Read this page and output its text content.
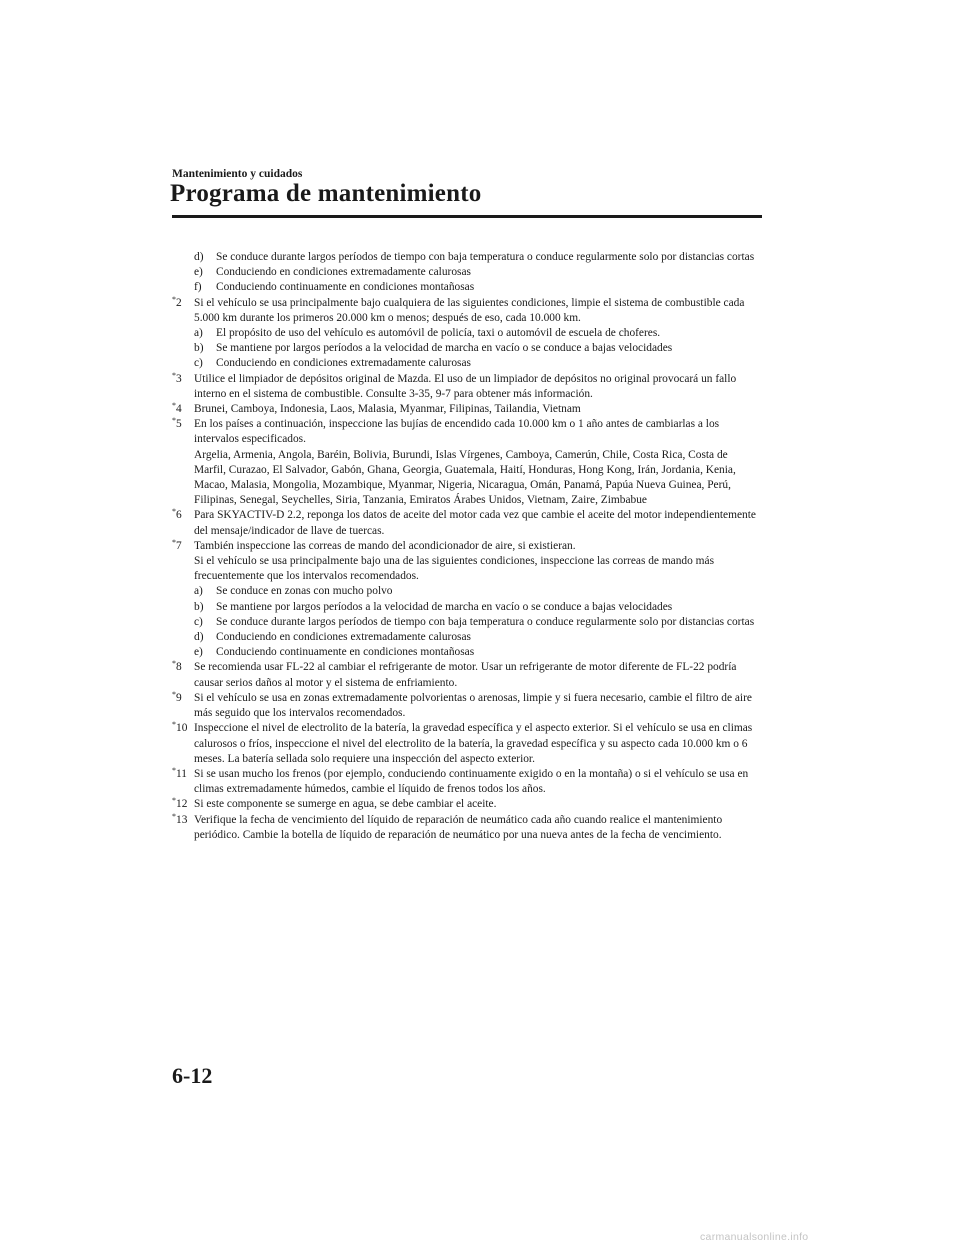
Mantenimiento y cuidados
Programa de mantenimiento
d) Se conduce durante largos períodos de tiempo con baja temperatura o conduce regularmente solo por distancias cortas
e) Conduciendo en condiciones extremadamente calurosas
f) Conduciendo continuamente en condiciones montañosas
*2 Si el vehículo se usa principalmente bajo cualquiera de las siguientes condiciones, limpie el sistema de combustible cada 5.000 km durante los primeros 20.000 km o menos; después de eso, cada 10.000 km.
a) El propósito de uso del vehículo es automóvil de policía, taxi o automóvil de escuela de choferes.
b) Se mantiene por largos períodos a la velocidad de marcha en vacío o se conduce a bajas velocidades
c) Conduciendo en condiciones extremadamente calurosas
*3 Utilice el limpiador de depósitos original de Mazda. El uso de un limpiador de depósitos no original provocará un fallo interno en el sistema de combustible. Consulte 3-35, 9-7 para obtener más información.
*4 Brunei, Camboya, Indonesia, Laos, Malasia, Myanmar, Filipinas, Tailandia, Vietnam
*5 En los países a continuación, inspeccione las bujías de encendido cada 10.000 km o 1 año antes de cambiarlas a los intervalos especificados.
Argelia, Armenia, Angola, Baréin, Bolivia, Burundi, Islas Vírgenes, Camboya, Camerún, Chile, Costa Rica, Costa de Marfil, Curazao, El Salvador, Gabón, Ghana, Georgia, Guatemala, Haití, Honduras, Hong Kong, Irán, Jordania, Kenia, Macao, Malasia, Mongolia, Mozambique, Myanmar, Nigeria, Nicaragua, Omán, Panamá, Papúa Nueva Guinea, Perú, Filipinas, Senegal, Seychelles, Siria, Tanzania, Emiratos Árabes Unidos, Vietnam, Zaire, Zimbabue
*6 Para SKYACTIV-D 2.2, reponga los datos de aceite del motor cada vez que cambie el aceite del motor independientemente del mensaje/indicador de llave de tuercas.
*7 También inspeccione las correas de mando del acondicionador de aire, si existieran.
Si el vehículo se usa principalmente bajo una de las siguientes condiciones, inspeccione las correas de mando más frecuentemente que los intervalos recomendados.
a) Se conduce en zonas con mucho polvo
b) Se mantiene por largos períodos a la velocidad de marcha en vacío o se conduce a bajas velocidades
c) Se conduce durante largos períodos de tiempo con baja temperatura o conduce regularmente solo por distancias cortas
d) Conduciendo en condiciones extremadamente calurosas
e) Conduciendo continuamente en condiciones montañosas
*8 Se recomienda usar FL-22 al cambiar el refrigerante de motor. Usar un refrigerante de motor diferente de FL-22 podría causar serios daños al motor y el sistema de enfriamiento.
*9 Si el vehículo se usa en zonas extremadamente polvorientas o arenosas, limpie y si fuera necesario, cambie el filtro de aire más seguido que los intervalos recomendados.
*10 Inspeccione el nivel de electrolito de la batería, la gravedad específica y el aspecto exterior. Si el vehículo se usa en climas calurosos o fríos, inspeccione el nivel del electrolito de la batería, la gravedad específica y su aspecto cada 10.000 km o 6 meses. La batería sellada solo requiere una inspección del aspecto exterior.
*11 Si se usan mucho los frenos (por ejemplo, conduciendo continuamente exigido o en la montaña) o si el vehículo se usa en climas extremadamente húmedos, cambie el líquido de frenos todos los años.
*12 Si este componente se sumerge en agua, se debe cambiar el aceite.
*13 Verifique la fecha de vencimiento del líquido de reparación de neumático cada año cuando realice el mantenimiento periódico. Cambie la botella de líquido de reparación de neumático por una nueva antes de la fecha de vencimiento.
6-12
carmanualsonline.info
